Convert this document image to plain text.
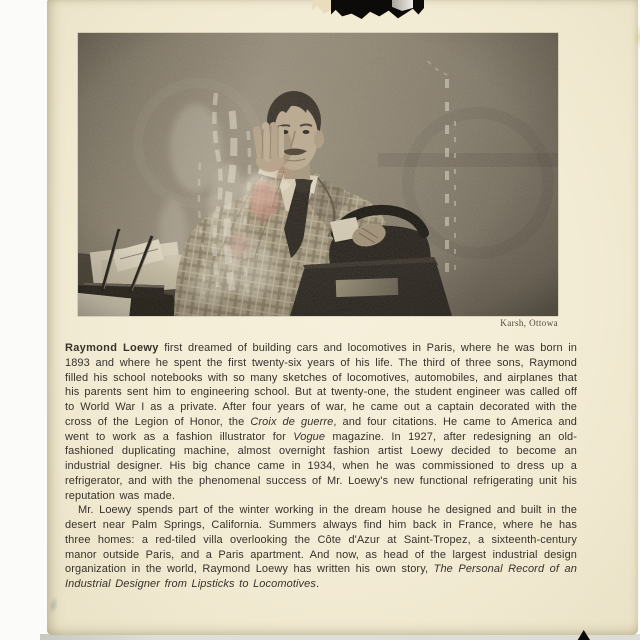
Karsh, Ottowa

Raymond Loewy first dreamed of building cars and locomotives in Paris, where he was born in 1893 and where he spent the first twenty-six years of his life. The third of three sons, Raymond filled his school notebooks with so many sketches of locomotives, automobiles, and airplanes that his parents sent him to engineering school. But at twenty-one, the student engineer was called off to World War I as a private. After four years of war, he came out a captain decorated with the cross of the Legion of Honor, the Croix de guerre, and four citations. He came to America and went to work as a fashion illustrator for Vogue magazine. In 1927, after redesigning an old-fashioned duplicating machine, almost overnight fashion artist Loewy decided to become an industrial designer. His big chance came in 1934, when he was commissioned to dress up a refrigerator, and with the phenomenal success of Mr. Loewy's new functional refrigerating unit his reputation was made.

Mr. Loewy spends part of the winter working in the dream house he designed and built in the desert near Palm Springs, California. Summers always find him back in France, where he has three homes: a red-tiled villa overlooking the Côte d'Azur at Saint-Tropez, a sixteenth-century manor outside Paris, and a Paris apartment. And now, as head of the largest industrial design organization in the world, Raymond Loewy has written his own story, The Personal Record of an Industrial Designer from Lipsticks to Locomotives.
